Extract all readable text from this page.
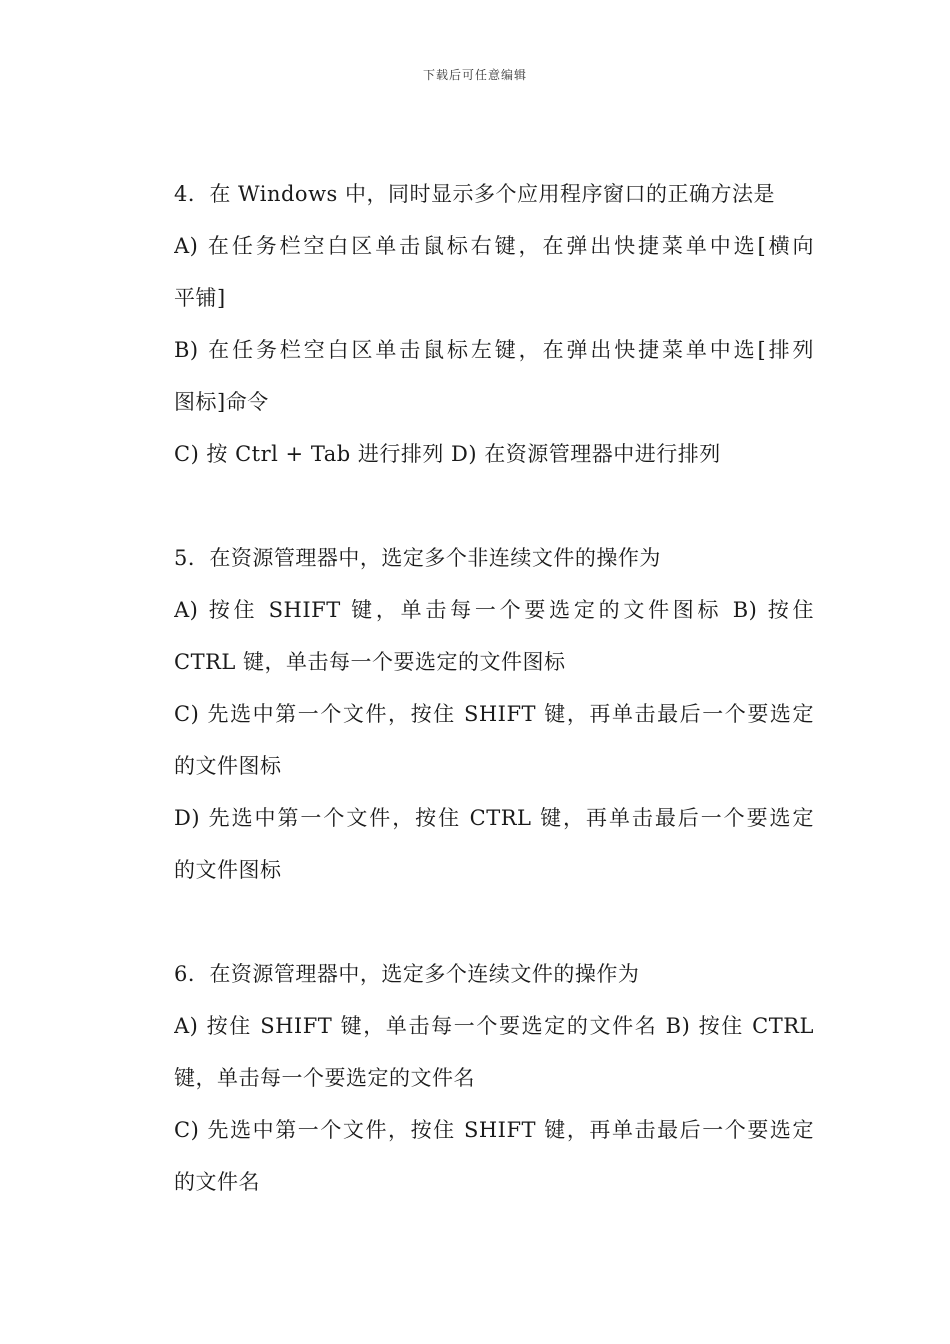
下载后可任意编辑
4．在 Windows 中，同时显示多个应用程序窗口的正确方法是
A) 在任务栏空白区单击鼠标右键，在弹出快捷菜单中选[横向
平铺]
B) 在任务栏空白区单击鼠标左键，在弹出快捷菜单中选[排列
图标]命令
C) 按 Ctrl + Tab 进行排列 D) 在资源管理器中进行排列
5．在资源管理器中，选定多个非连续文件的操作为
A) 按住 SHIFT 键，单击每一个要选定的文件图标 B) 按住
CTRL 键，单击每一个要选定的文件图标
C) 先选中第一个文件，按住 SHIFT 键，再单击最后一个要选定
的文件图标
D) 先选中第一个文件，按住 CTRL 键，再单击最后一个要选定
的文件图标
6．在资源管理器中，选定多个连续文件的操作为
A) 按住 SHIFT 键，单击每一个要选定的文件名 B) 按住 CTRL
键，单击每一个要选定的文件名
C) 先选中第一个文件，按住 SHIFT 键，再单击最后一个要选定
的文件名
